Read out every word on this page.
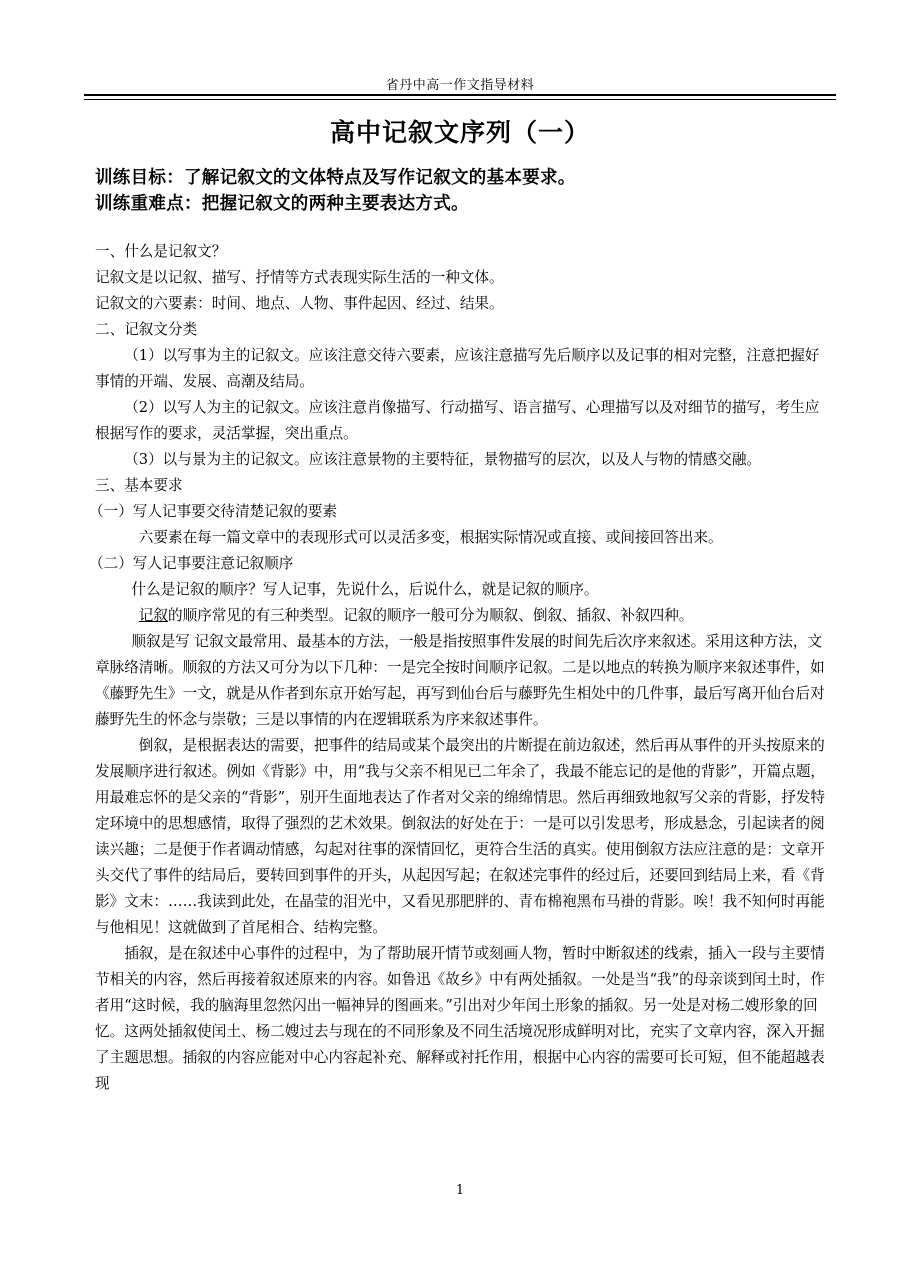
省丹中高一作文指导材料
高中记叙文序列（一）
训练目标：了解记叙文的文体特点及写作记叙文的基本要求。
训练重难点：把握记叙文的两种主要表达方式。

一、什么是记叙文？

记叙文是以记叙、描写、抒情等方式表现实际生活的一种文体。

记叙文的六要素：时间、地点、人物、事件起因、经过、结果。

二、记叙文分类

（1）以写事为主的记叙文。应该注意交待六要素，应该注意描写先后顺序以及记事的相对完整，注意把握好事情的开端、发展、高潮及结局。

（2）以写人为主的记叙文。应该注意肖像描写、行动描写、语言描写、心理描写以及对细节的描写，考生应根据写作的要求，灵活掌握，突出重点。

（3）以与景为主的记叙文。应该注意景物的主要特征，景物描写的层次，以及人与物的情感交融。

三、基本要求

（一）写人记事要交待清楚记叙的要素

六要素在每一篇文章中的表现形式可以灵活多变，根据实际情况或直接、或间接回答出来。

（二）写人记事要注意记叙顺序

什么是记叙的顺序？写人记事，先说什么，后说什么，就是记叙的顺序。

记叙的顺序常见的有三种类型。记叙的顺序一般可分为顺叙、倒叙、插叙、补叙四种。

顺叙是写 记叙文最常用、最基本的方法，一般是指按照事件发展的时间先后次序来叙述。采用这种方法，文章脉络清晰。顺叙的方法又可分为以下几种：一是完全按时间顺序记叙。二是以地点的转换为顺序来叙述事件，如《藤野先生》一文，就是从作者到东京开始写起，再写到仙台后与藤野先生相处中的几件事，最后写离开仙台后对藤野先生的怀念与崇敬；三是以事情的内在逻辑联系为序来叙述事件。

倒叙，是根据表达的需要，把事件的结局或某个最突出的片断提在前边叙述，然后再从事件的开头按原来的发展顺序进行叙述。例如《背影》中，用“我与父亲不相见已二年余了，我最不能忘记的是他的背影”，开篇点题，用最难忘怀的是父亲的“背影”，别开生面地表达了作者对父亲的绵绵情思。然后再细致地叙写父亲的背影，抒发特定环境中的思想感情，取得了强烈的艺术效果。倒叙法的好处在于：一是可以引发思考，形成悬念，引起读者的阅读兴趣；二是便于作者调动情感，勾起对往事的深情回忆，更符合生活的真实。使用倒叙方法应注意的是：文章开头交代了事件的结局后，要转回到事件的开头，从起因写起；在叙述完事件的经过后，还要回到结局上来，看《背影》文末：……我读到此处，在晶莹的泪光中，又看见那肥胖的、青布棉袍黑布马褂的背影。唉！我不知何时再能与他相见！这就做到了首尾相合、结构完整。

插叙，是在叙述中心事件的过程中，为了帮助展开情节或刻画人物，暂时中断叙述的线索，插入一段与主要情节相关的内容，然后再接着叙述原来的内容。如鲁迅《故乡》中有两处插叙。一处是当“我”的母亲谈到闰土时，作者用“这时候，我的脑海里忽然闪出一幅神异的图画来。”引出对少年闰土形象的插叙。另一处是对杨二嫂形象的回忆。这两处插叙使闰土、杨二嫂过去与现在的不同形象及不同生活境况形成鲜明对比，充实了文章内容，深入开掘了主题思想。插叙的内容应能对中心内容起补充、解释或衬托作用，根据中心内容的需要可长可短，但不能超越表现

1
